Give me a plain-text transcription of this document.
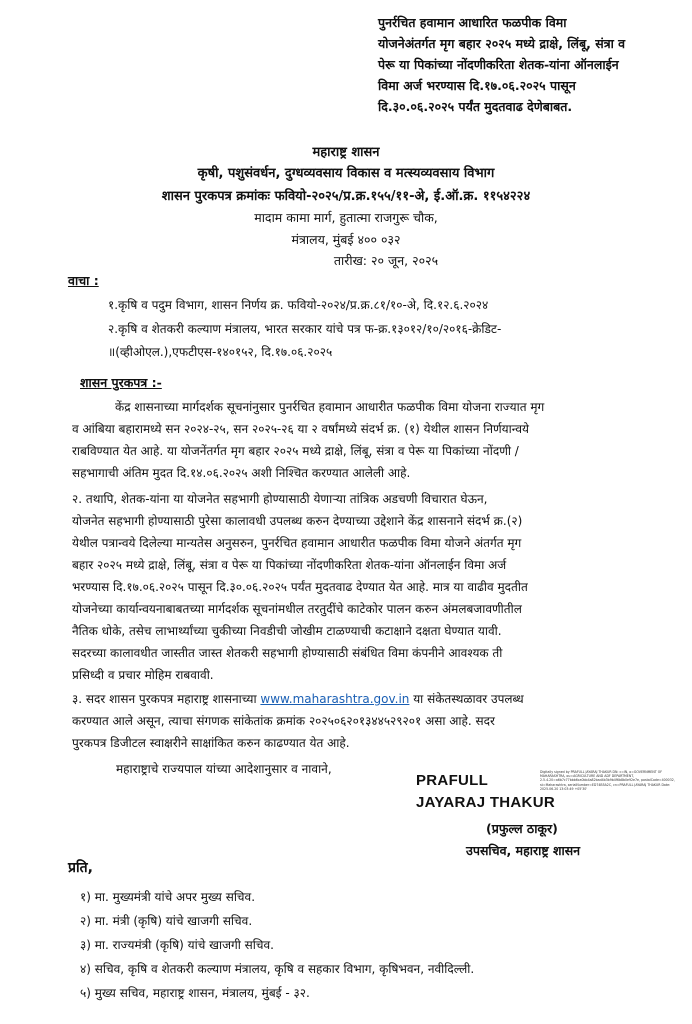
पुनर्रचित हवामान आधारित फळपीक विमा
योजनेअंतर्गत मृग बहार २०२५ मध्ये द्राक्षे, लिंबू, संत्रा व
पेरू या पिकांच्या नोंदणीकरिता शेतक-यांना ऑनलाईन
विमा अर्ज भरण्यास दि.१७.०६.२०२५ पासून
दि.३०.०६.२०२५ पर्यंत मुदतवाढ देणेबाबत.
महाराष्ट्र शासन
कृषी, पशुसंवर्धन, दुग्धव्यवसाय विकास व मत्स्यव्यवसाय विभाग
शासन पुरकपत्र क्रमांकः फवियो-२०२५/प्र.क्र.१५५/११-अे, ई.ऑ.क्र. ११५४२२४
मादाम कामा मार्ग, हुतात्मा राजगुरू चौक,
मंत्रालय, मुंबई ४०० ०३२
तारीख: २० जून, २०२५
वाचा :
१.कृषि व पदुम विभाग, शासन निर्णय क्र. फवियो-२०२४/प्र.क्र.८१/१०-अे, दि.१२.६.२०२४
२.कृषि व शेतकरी कल्याण मंत्रालय, भारत सरकार यांचे पत्र फ-क्र.१३०१२/१०/२०१६-क्रेडिट-
॥(व्हीओएल.),एफटीएस-१४०१५२, दि.१७.०६.२०२५
शासन पुरकपत्र :-
केंद्र शासनाच्या मार्गदर्शक सूचनांनुसार पुनर्रचित हवामान आधारीत फळपीक विमा योजना राज्यात मृग
व आंबिया बहारामध्ये सन २०२४-२५, सन २०२५-२६ या २ वर्षांमध्ये संदर्भ क्र. (१) येथील शासन निर्णयान्वये
राबविण्यात येत आहे. या योजनेंतर्गत मृग बहार २०२५ मध्ये द्राक्षे, लिंबू, संत्रा व पेरू या पिकांच्या नोंदणी /
सहभागाची अंतिम मुदत दि.१४.०६.२०२५ अशी निश्चित करण्यात आलेली आहे.
२. तथापि, शेतक-यांना या योजनेत सहभागी होण्यासाठी येणाऱ्या तांत्रिक अडचणी विचारात घेऊन,
योजनेत सहभागी होण्यासाठी पुरेसा कालावधी उपलब्ध करुन देण्याच्या उद्देशाने केंद्र शासनाने संदर्भ क्र.(२)
येथील पत्रान्वये दिलेल्या मान्यतेस अनुसरुन, पुनर्रचित हवामान आधारीत फळपीक विमा योजने अंतर्गत मृग
बहार २०२५ मध्ये द्राक्षे, लिंबू, संत्रा व पेरू या पिकांच्या नोंदणीकरिता शेतक-यांना ऑनलाईन विमा अर्ज
भरण्यास दि.१७.०६.२०२५ पासून दि.३०.०६.२०२५ पर्यंत मुदतवाढ देण्यात येत आहे. मात्र या वाढीव मुदतीत
योजनेच्या कार्यान्वयनाबाबतच्या मार्गदर्शक सूचनांमधील तरतुदींचे काटेकोर पालन करुन अंमलबजावणीतील
नैतिक धोके, तसेच लाभार्थ्यांच्या चुकीच्या निवडीची जोखीम टाळण्याची कटाक्षाने दक्षता घेण्यात यावी.
सदरच्या कालावधीत जास्तीत जास्त शेतकरी सहभागी होण्यासाठी संबंधित विमा कंपनीने आवश्यक ती
प्रसिध्दी व प्रचार मोहिम राबवावी.
३. सदर शासन पुरकपत्र महाराष्ट्र शासनाच्या www.maharashtra.gov.in या संकेतस्थळावर उपलब्ध
करण्यात आले असून, त्याचा संगणक सांकेतांक क्रमांक २०२५०६२०१३४४५२९२०१ असा आहे. सदर
पुरकपत्र डिजीटल स्वाक्षरीने साक्षांकित करुन काढण्यात येत आहे.
महाराष्ट्राचे राज्यपाल यांच्या आदेशानुसार व नावाने,
PRAFULL
JAYARAJ THAKUR
Digitally signed by PRAFULL JAYARAJ THAKUR DN: c=IN, o=GOVERNMENT OF MAHARASHTRA, ou=AGRICULTURE AND ADF DEPARTMENT, 2.5.4.20=a6b7c77bbb6ca0bb4a82bad4b3b9b4f6b8b0e92e7e, postalCode=400032, st=Maharashtra, serialNumber=ED74B5A2C, cn=PRAFULL JAYARAJ THAKUR Date: 2025.06.20 13:03:49 +05'30'
(प्रफुल्ल ठाकूर)
उपसचिव, महाराष्ट्र शासन
प्रति,
१) मा. मुख्यमंत्री यांचे अपर मुख्य सचिव.
२) मा. मंत्री (कृषि) यांचे खाजगी सचिव.
३) मा. राज्यमंत्री (कृषि) यांचे खाजगी सचिव.
४) सचिव, कृषि व शेतकरी कल्याण मंत्रालय, कृषि व सहकार विभाग, कृषिभवन, नवीदिल्ली.
५) मुख्य सचिव, महाराष्ट्र शासन, मंत्रालय, मुंबई - ३२.
